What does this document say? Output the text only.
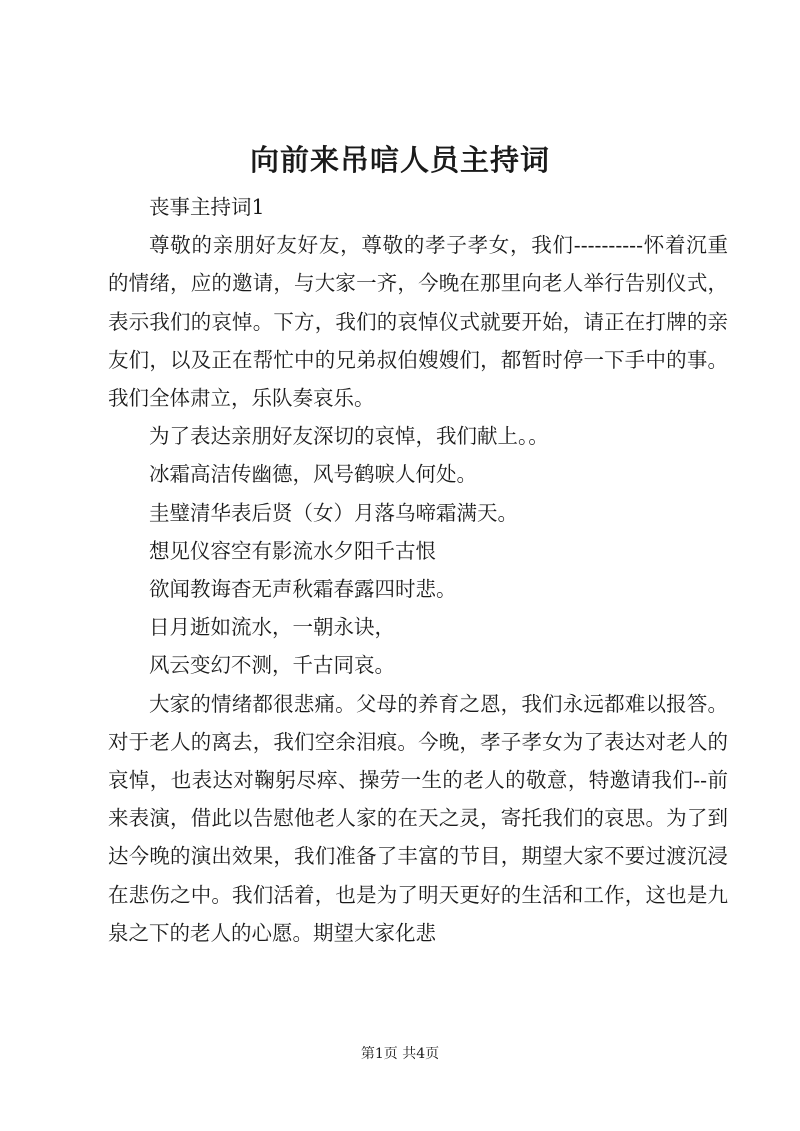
向前来吊唁人员主持词

丧事主持词1

尊敬的亲朋好友好友，尊敬的孝子孝女，我们----------怀着沉重的情绪，应的邀请，与大家一齐，今晚在那里向老人举行告别仪式，表示我们的哀悼。下方，我们的哀悼仪式就要开始，请正在打牌的亲友们，以及正在帮忙中的兄弟叔伯嫂嫂们，都暂时停一下手中的事。我们全体肃立，乐队奏哀乐。

为了表达亲朋好友深切的哀悼，我们献上。。

冰霜高洁传幽德，风号鹤唳人何处。

圭璧清华表后贤（女）月落乌啼霜满天。

想见仪容空有影流水夕阳千古恨

欲闻教诲杳无声秋霜春露四时悲。

日月逝如流水，一朝永诀，

风云变幻不测，千古同哀。

大家的情绪都很悲痛。父母的养育之恩，我们永远都难以报答。对于老人的离去，我们空余泪痕。今晚，孝子孝女为了表达对老人的哀悼，也表达对鞠躬尽瘁、操劳一生的老人的敬意，特邀请我们--前来表演，借此以告慰他老人家的在天之灵，寄托我们的哀思。为了到达今晚的演出效果，我们准备了丰富的节目，期望大家不要过渡沉浸在悲伤之中。我们活着，也是为了明天更好的生活和工作，这也是九泉之下的老人的心愿。期望大家化悲

第1页 共4页
